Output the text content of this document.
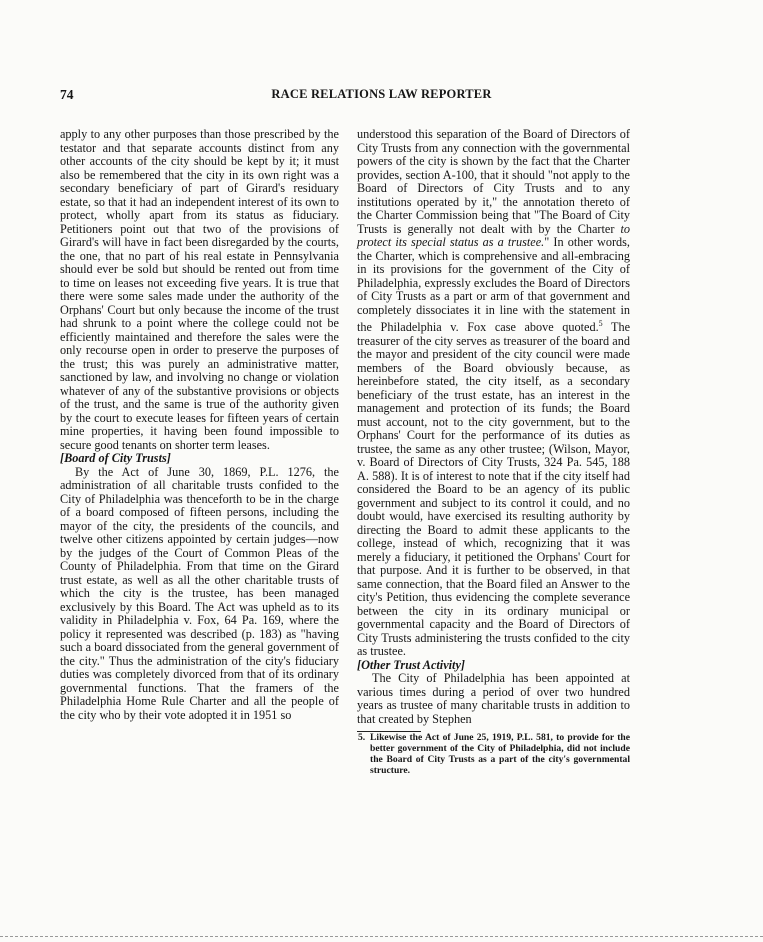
74	RACE RELATIONS LAW REPORTER

apply to any other purposes than those prescribed by the testator and that separate accounts distinct from any other accounts of the city should be kept by it; it must also be remembered that the city in its own right was a secondary beneficiary of part of Girard's residuary estate, so that it had an independent interest of its own to protect, wholly apart from its status as fiduciary. Petitioners point out that two of the provisions of Girard's will have in fact been disregarded by the courts, the one, that no part of his real estate in Pennsylvania should ever be sold but should be rented out from time to time on leases not exceeding five years. It is true that there were some sales made under the authority of the Orphans' Court but only because the income of the trust had shrunk to a point where the college could not be efficiently maintained and therefore the sales were the only recourse open in order to preserve the purposes of the trust; this was purely an administrative matter, sanctioned by law, and involving no change or violation whatever of any of the substantive provisions or objects of the trust, and the same is true of the authority given by the court to execute leases for fifteen years of certain mine properties, it having been found impossible to secure good tenants on shorter term leases.

[Board of City Trusts]

By the Act of June 30, 1869, P.L. 1276, the administration of all charitable trusts confided to the City of Philadelphia was thenceforth to be in the charge of a board composed of fifteen persons, including the mayor of the city, the presidents of the councils, and twelve other citizens appointed by certain judges—now by the judges of the Court of Common Pleas of the County of Philadelphia. From that time on the Girard trust estate, as well as all the other charitable trusts of which the city is the trustee, has been managed exclusively by this Board. The Act was upheld as to its validity in Philadelphia v. Fox, 64 Pa. 169, where the policy it represented was described (p. 183) as "having such a board dissociated from the general government of the city." Thus the administration of the city's fiduciary duties was completely divorced from that of its ordinary governmental functions. That the framers of the Philadelphia Home Rule Charter and all the people of the city who by their vote adopted it in 1951 so

understood this separation of the Board of Directors of City Trusts from any connection with the governmental powers of the city is shown by the fact that the Charter provides, section A-100, that it should "not apply to the Board of Directors of City Trusts and to any institutions operated by it," the annotation thereto of the Charter Commission being that "The Board of City Trusts is generally not dealt with by the Charter to protect its special status as a trustee." In other words, the Charter, which is comprehensive and all-embracing in its provisions for the government of the City of Philadelphia, expressly excludes the Board of Directors of City Trusts as a part or arm of that government and completely dissociates it in line with the statement in the Philadelphia v. Fox case above quoted.$^5$ The treasurer of the city serves as treasurer of the board and the mayor and president of the city council were made members of the Board obviously because, as hereinbefore stated, the city itself, as a secondary beneficiary of the trust estate, has an interest in the management and protection of its funds; the Board must account, not to the city government, but to the Orphans' Court for the performance of its duties as trustee, the same as any other trustee; (Wilson, Mayor, v. Board of Directors of City Trusts, 324 Pa. 545, 188 A. 588). It is of interest to note that if the city itself had considered the Board to be an agency of its public government and subject to its control it could, and no doubt would, have exercised its resulting authority by directing the Board to admit these applicants to the college, instead of which, recognizing that it was merely a fiduciary, it petitioned the Orphans' Court for that purpose. And it is further to be observed, in that same connection, that the Board filed an Answer to the city's Petition, thus evidencing the complete severance between the city in its ordinary municipal or governmental capacity and the Board of Directors of City Trusts administering the trusts confided to the city as trustee.

[Other Trust Activity]

The City of Philadelphia has been appointed at various times during a period of over two hundred years as trustee of many charitable trusts in addition to that created by Stephen

5. Likewise the Act of June 25, 1919, P.L. 581, to provide for the better government of the City of Philadelphia, did not include the Board of City Trusts as a part of the city's governmental structure.
